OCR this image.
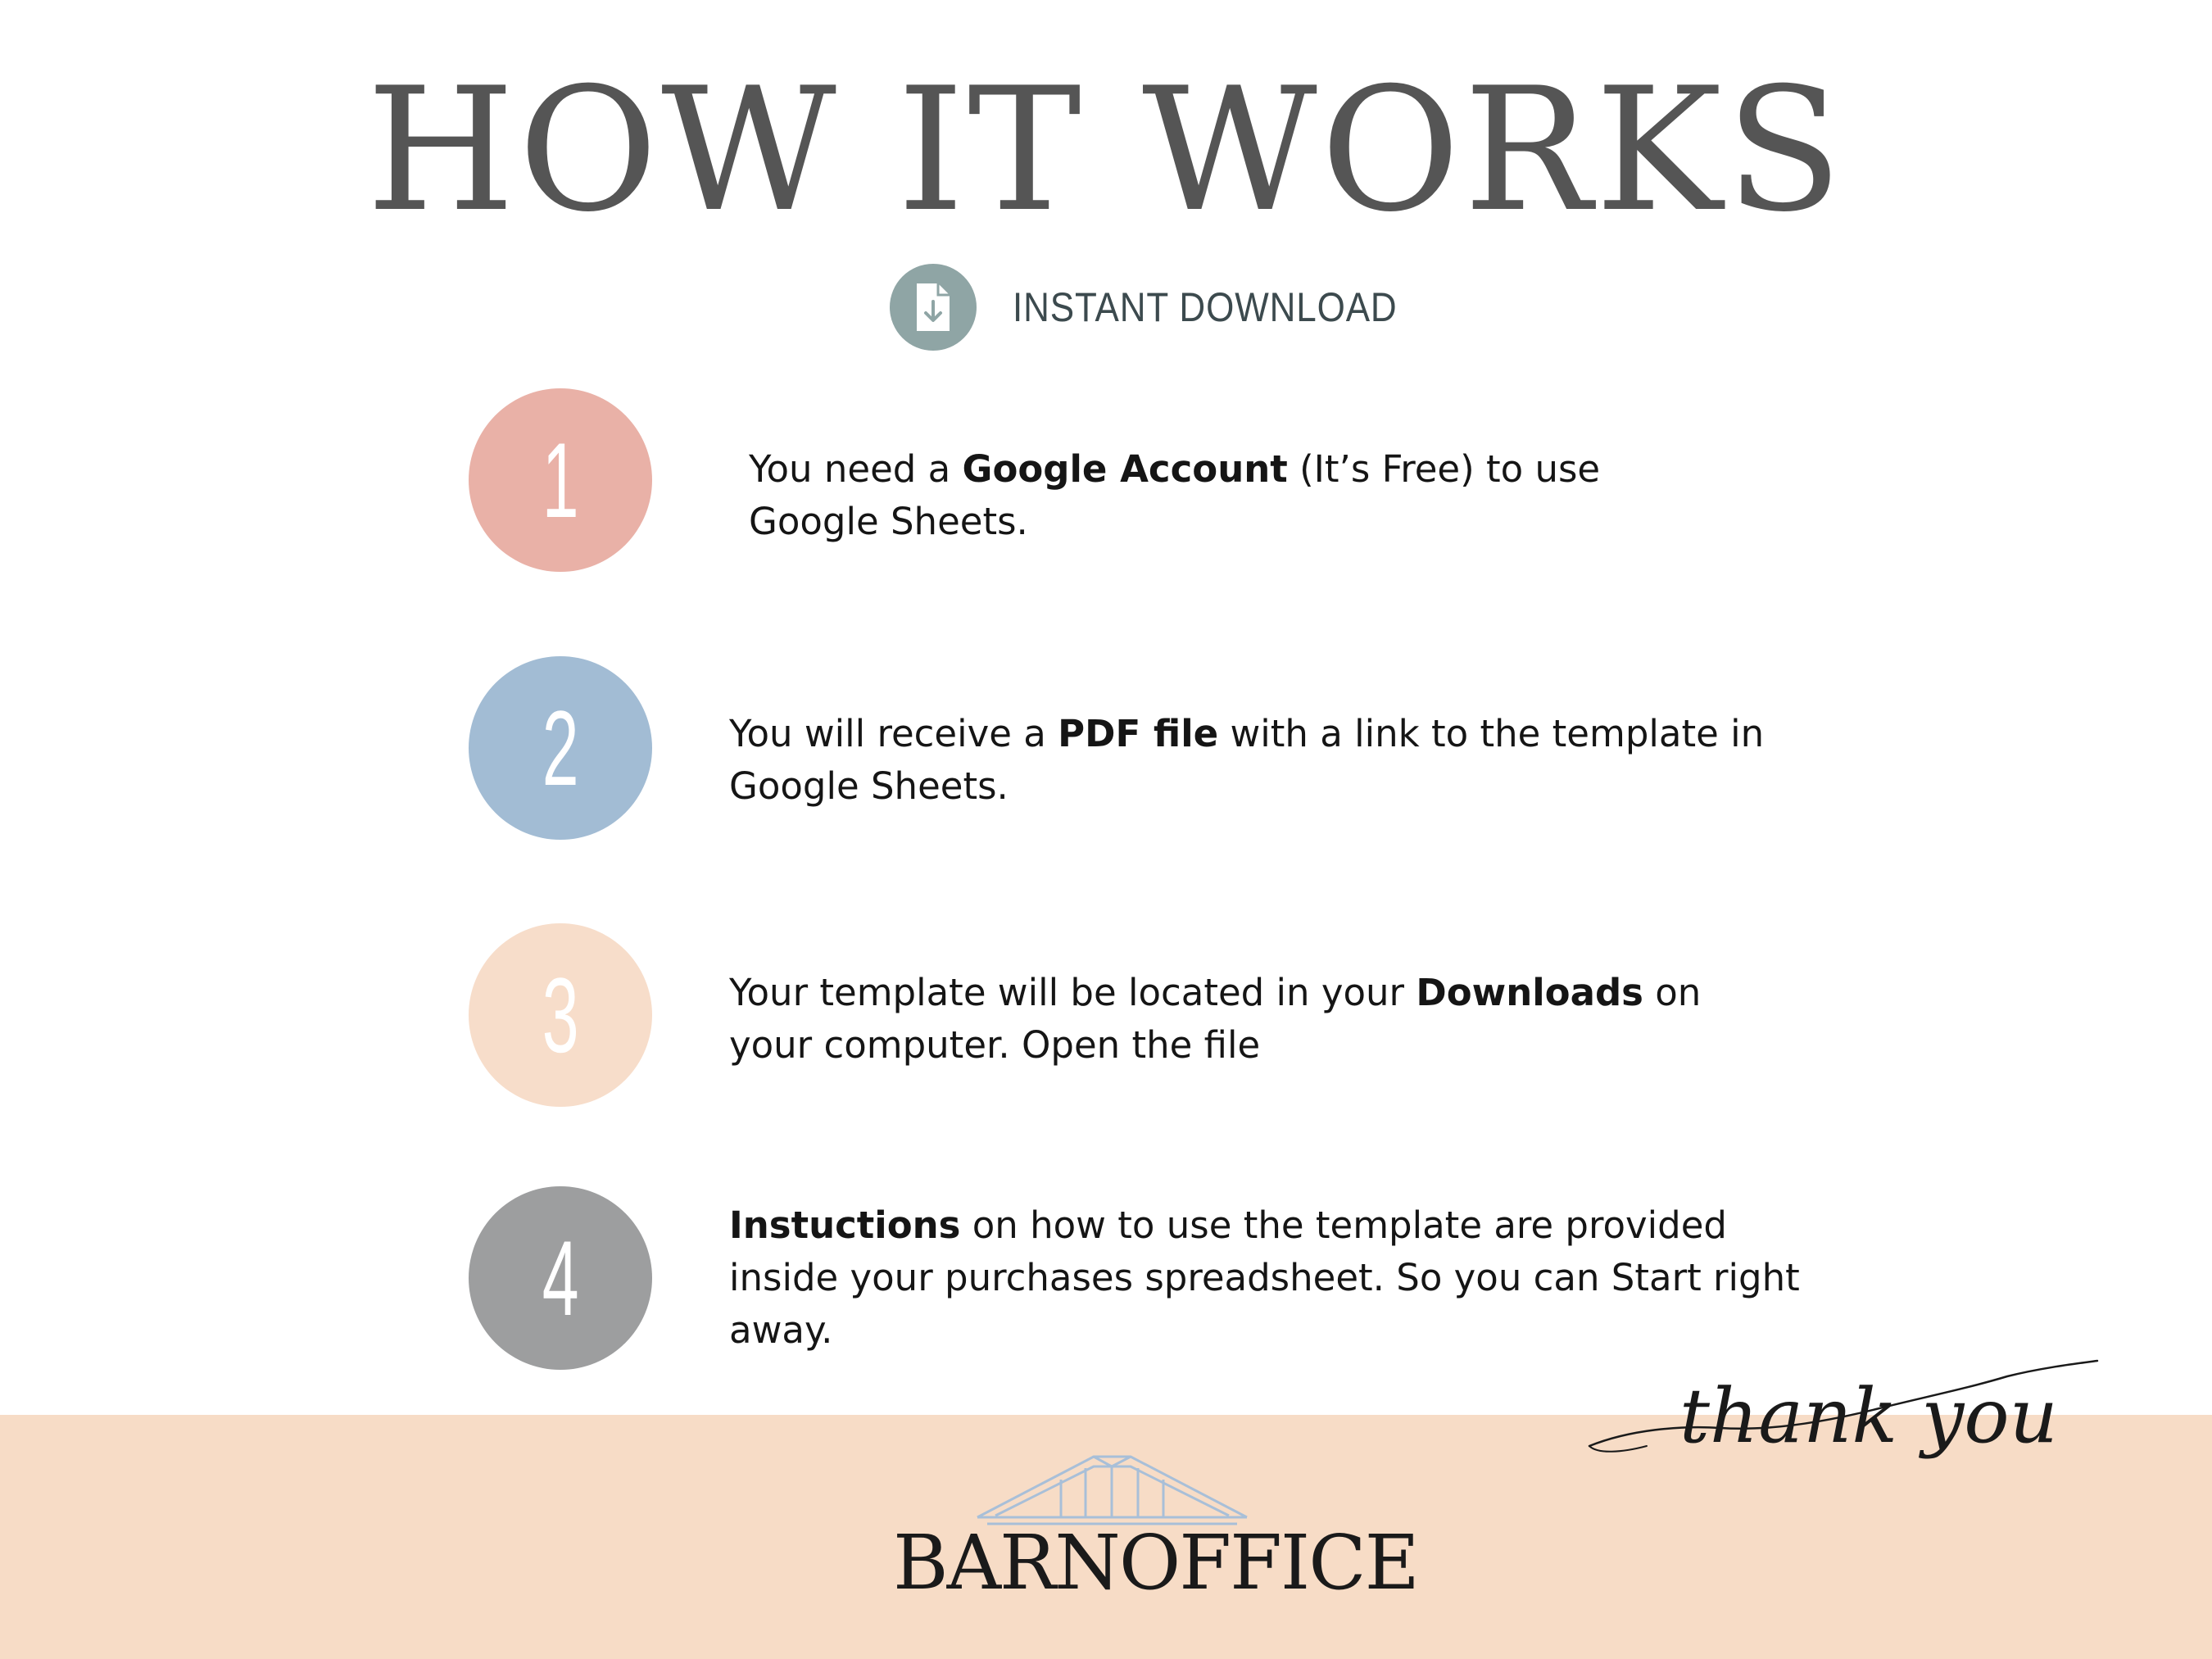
HOW IT WORKS
INSTANT DOWNLOAD
1	You need a Google Account (It’s Free) to use Google Sheets.

2	You will receive a PDF file with a link to the template in Google Sheets.

3	Your template will be located in your Downloads on your computer. Open the file

4	Instuctions on how to use the template are provided inside your purchases spreadsheet. So you can Start right away.

thank you
BARNOFFICE
